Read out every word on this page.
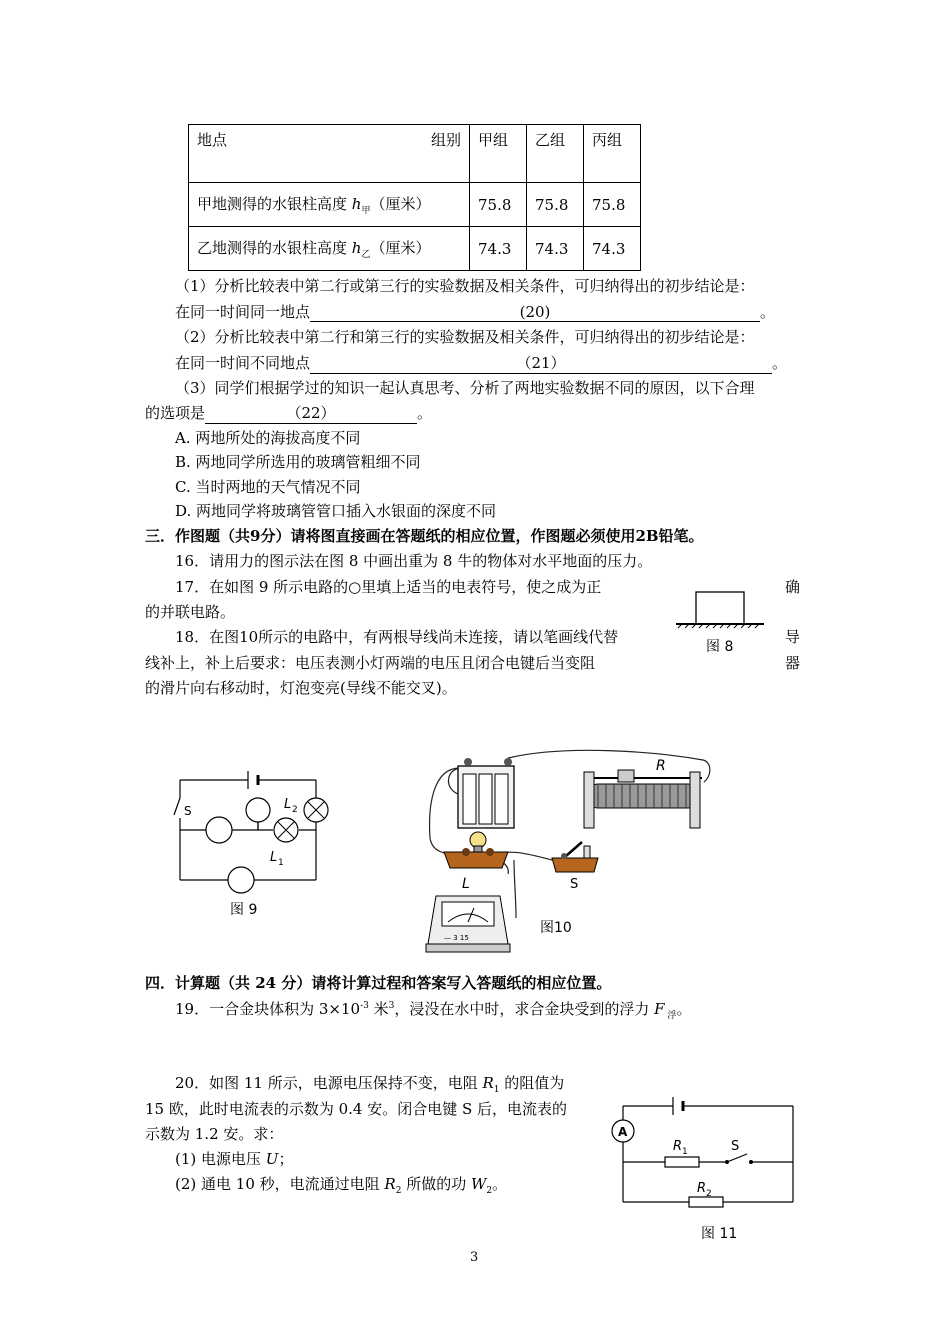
地点 组别	甲组	乙组	丙组
甲地测得的水银柱高度 $h_甲$（厘米）	75.8	75.8	75.8
乙地测得的水银柱高度 $h_乙$（厘米）	74.3	74.3	74.3
（1）分析比较表中第二行或第三行的实验数据及相关条件，可归纳得出的初步结论是：
在同一时间同一地点	(20)	。
（2）分析比较表中第二行和第三行的实验数据及相关条件，可归纳得出的初步结论是：
在同一时间不同地点	（21）	。
（3）同学们根据学过的知识一起认真思考、分析了两地实验数据不同的原因，以下合理
的选项是	（22）	。
A. 两地所处的海拔高度不同
B. 两地同学所选用的玻璃管粗细不同
C. 当时两地的天气情况不同
D. 两地同学将玻璃管管口插入水银面的深度不同
三．作图题（共9分）请将图直接画在答题纸的相应位置，作图题必须使用2B铅笔。
16．请用力的图示法在图 8 中画出重为 8 牛的物体对水平地面的压力。
17．在如图 9 所示电路的○里填上适当的电表符号，使之成为正	确
的并联电路。
18．在图10所示的电路中，有两根导线尚未连接，请以笔画线代替	导
线补上，补上后要求：电压表测小灯两端的电压且闭合电键后当变阻	器
的滑片向右移动时，灯泡变亮(导线不能交叉)。
图 8
S	L 2
L 1
图 9
R
L	S
— 3 15
图10
四．计算题（共 24 分）请将计算过程和答案写入答题纸的相应位置。
19．一合金块体积为 $3\times 10^{-3}$ 米$^3$，浸没在水中时，求合金块受到的浮力 F $_浮$。
20．如图 11 所示，电源电压保持不变，电阻 $R_1$ 的阻值为
15 欧，此时电流表的示数为 0.4 安。闭合电键 S 后，电流表的
示数为 1.2 安。求：
(1) 电源电压 U；
(2) 通电 10 秒，电流通过电阻 $R_2$ 所做的功 $W_2$。
A
R 1	S
R 2
图 11
3
